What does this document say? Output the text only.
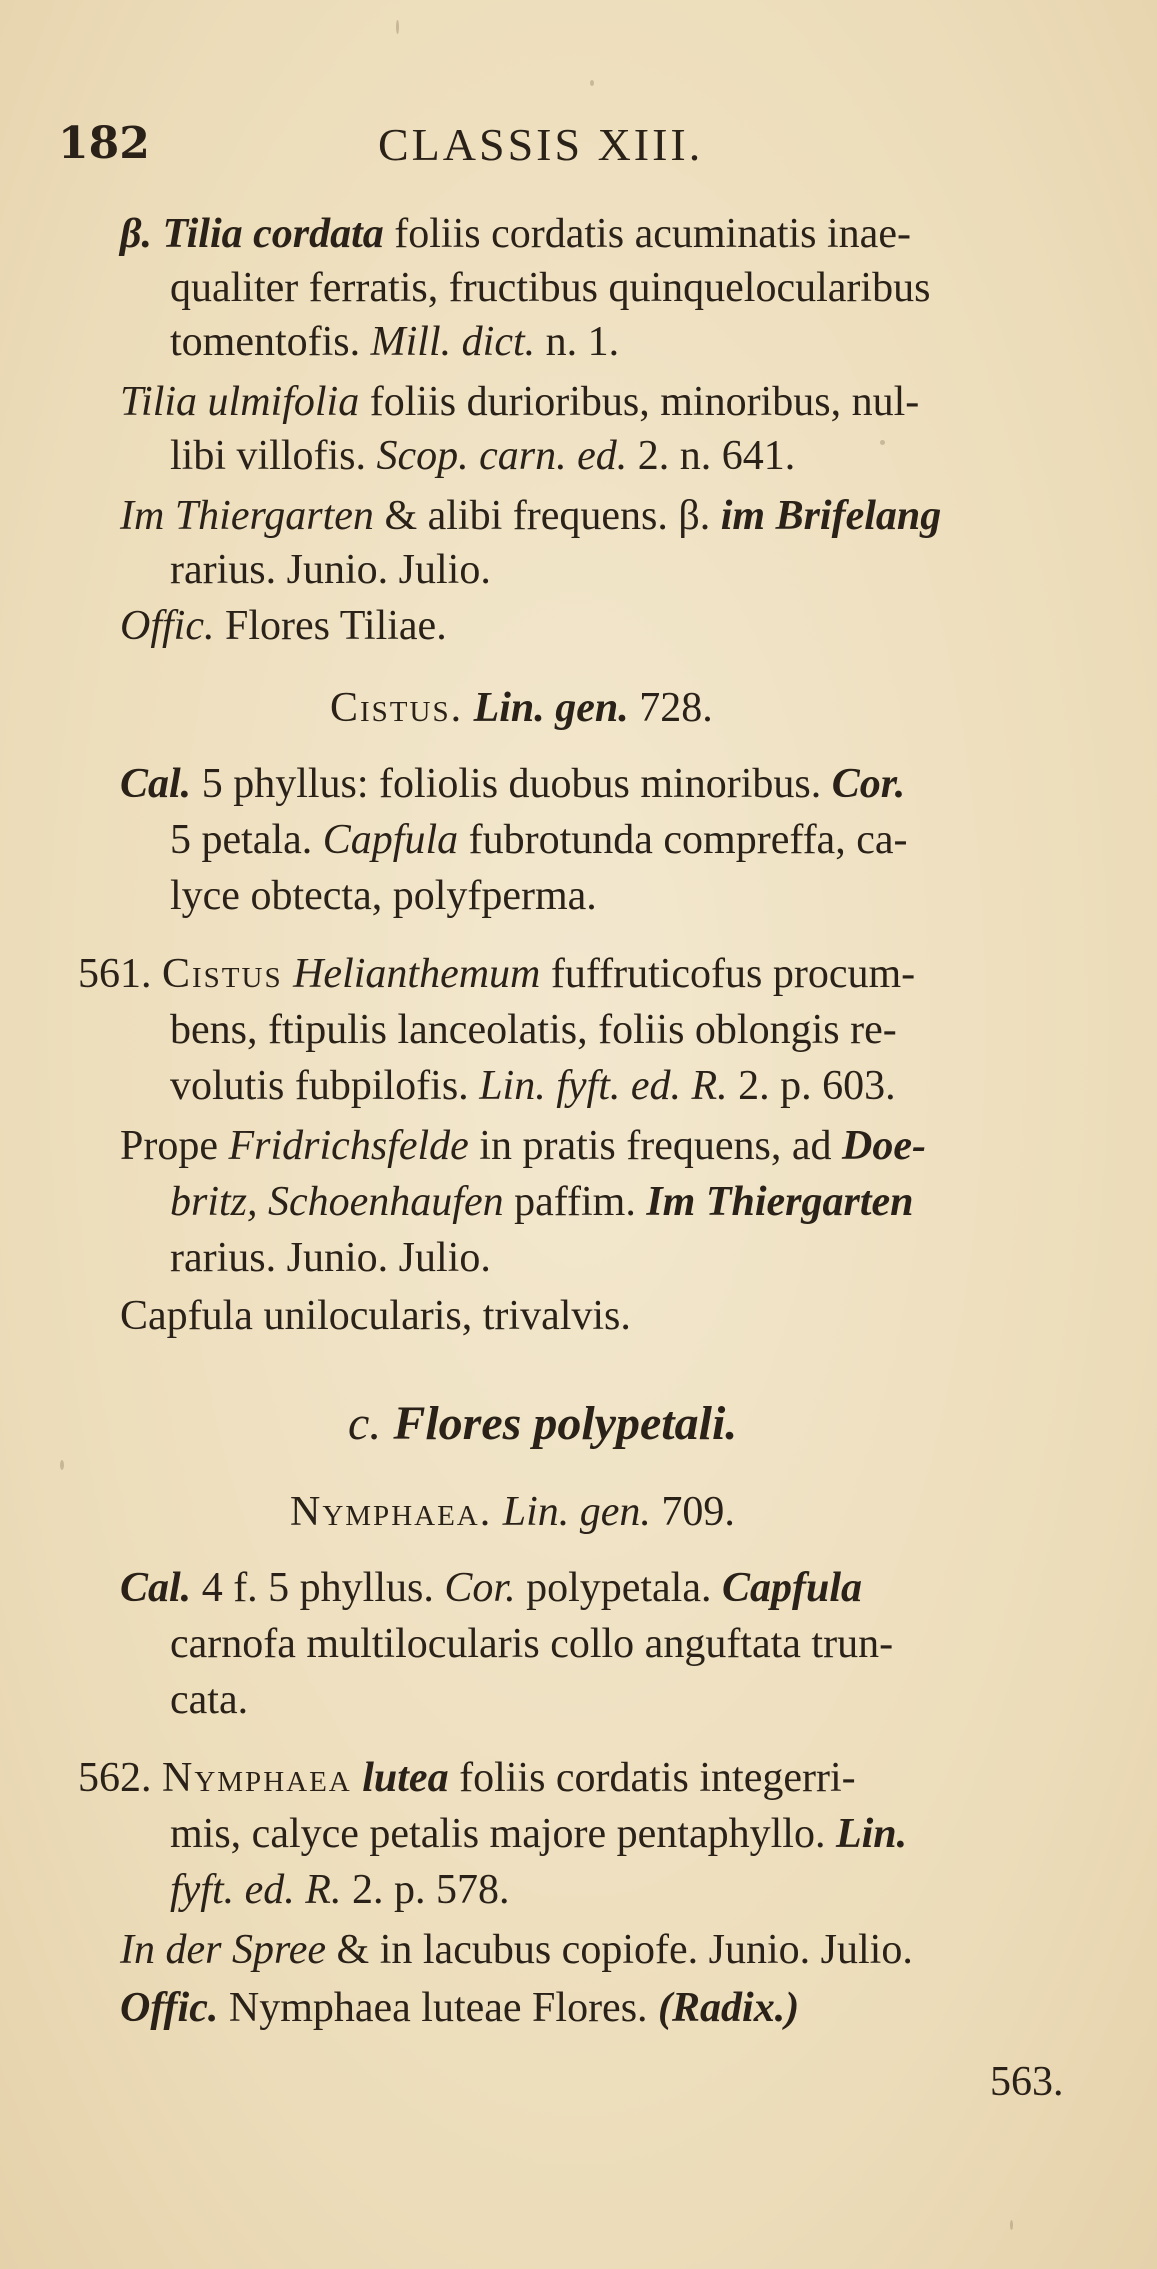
182	CLASSIS XIII.
β. Tilia cordata foliis cordatis acuminatis inae-
qualiter ferratis, fructibus quinquelocularibus
tomentofis. Mill. dict. n. 1.
Tilia ulmifolia foliis durioribus, minoribus, nul-
libi villofis. Scop. carn. ed. 2. n. 641.
Im Thiergarten & alibi frequens. β. im Brifelang
rarius. Junio. Julio.
Offic. Flores Tiliae.
Cistus. Lin. gen. 728.
Cal. 5 phyllus: foliolis duobus minoribus. Cor.
5 petala. Capfula fubrotunda compreffa, ca-
lyce obtecta, polyfperma.
561. Cistus Helianthemum fuffruticofus procum-
bens, ftipulis lanceolatis, foliis oblongis re-
volutis fubpilofis. Lin. fyft. ed. R. 2. p. 603.
Prope Fridrichsfelde in pratis frequens, ad Doe-
britz, Schoenhaufen paffim. Im Thiergarten
rarius. Junio. Julio.
Capfula unilocularis, trivalvis.
c. Flores polypetali.
Nymphaea. Lin. gen. 709.
Cal. 4 f. 5 phyllus. Cor. polypetala. Capfula
carnofa multilocularis collo anguftata trun-
cata.
562. Nymphaea lutea foliis cordatis integerri-
mis, calyce petalis majore pentaphyllo. Lin.
fyft. ed. R. 2. p. 578.
In der Spree & in lacubus copiofe. Junio. Julio.
Offic. Nymphaea luteae Flores. (Radix.)
563.
